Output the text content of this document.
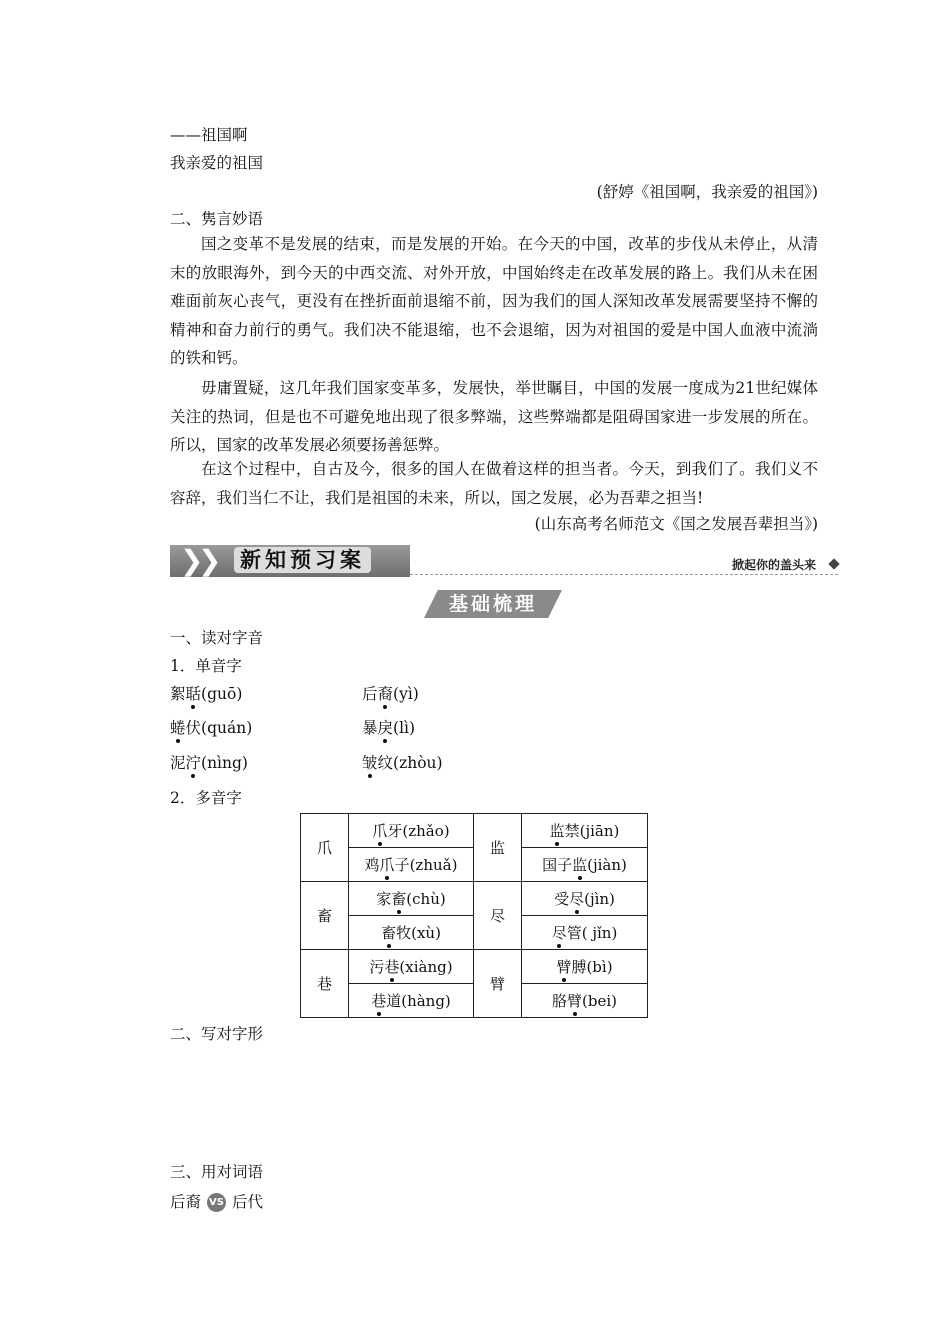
——祖国啊
我亲爱的祖国
(舒婷《祖国啊，我亲爱的祖国》)
二、隽言妙语
国之变革不是发展的结束，而是发展的开始。在今天的中国，改革的步伐从未停止，从清末的放眼海外，到今天的中西交流、对外开放，中国始终走在改革发展的路上。我们从未在困难面前灰心丧气，更没有在挫折面前退缩不前，因为我们的国人深知改革发展需要坚持不懈的精神和奋力前行的勇气。我们决不能退缩，也不会退缩，因为对祖国的爱是中国人血液中流淌的铁和钙。
毋庸置疑，这几年我们国家变革多，发展快，举世瞩目，中国的发展一度成为21世纪媒体关注的热词，但是也不可避免地出现了很多弊端，这些弊端都是阻碍国家进一步发展的所在。所以，国家的改革发展必须要扬善惩弊。
在这个过程中，自古及今，很多的国人在做着这样的担当者。今天，到我们了。我们义不容辞，我们当仁不让，我们是祖国的未来，所以，国之发展，必为吾辈之担当!
(山东高考名师范文《国之发展吾辈担当》)
❯
❯ 新知预习案	掀起你的盖头来
基础梳理
一、读对字音
1．单音字
絮聒(guō)	后裔(yì)
蜷伏(quán)	暴戾(lì)
泥泞(nìng)	皱纹(zhòu)
2．多音字
爪	爪牙(zhǎo)	监	监禁(jiān)
	鸡爪子(zhuǎ)		国子监(jiàn)
畜	家畜(chù)	尽	受尽(jìn)
	畜牧(xù)		尽管( jǐn)
巷	污巷(xiàng)	臂	臂膊(bì)
	巷道(hàng)		胳臂(bei)
二、写对字形
三、用对词语
后裔 VS 后代
